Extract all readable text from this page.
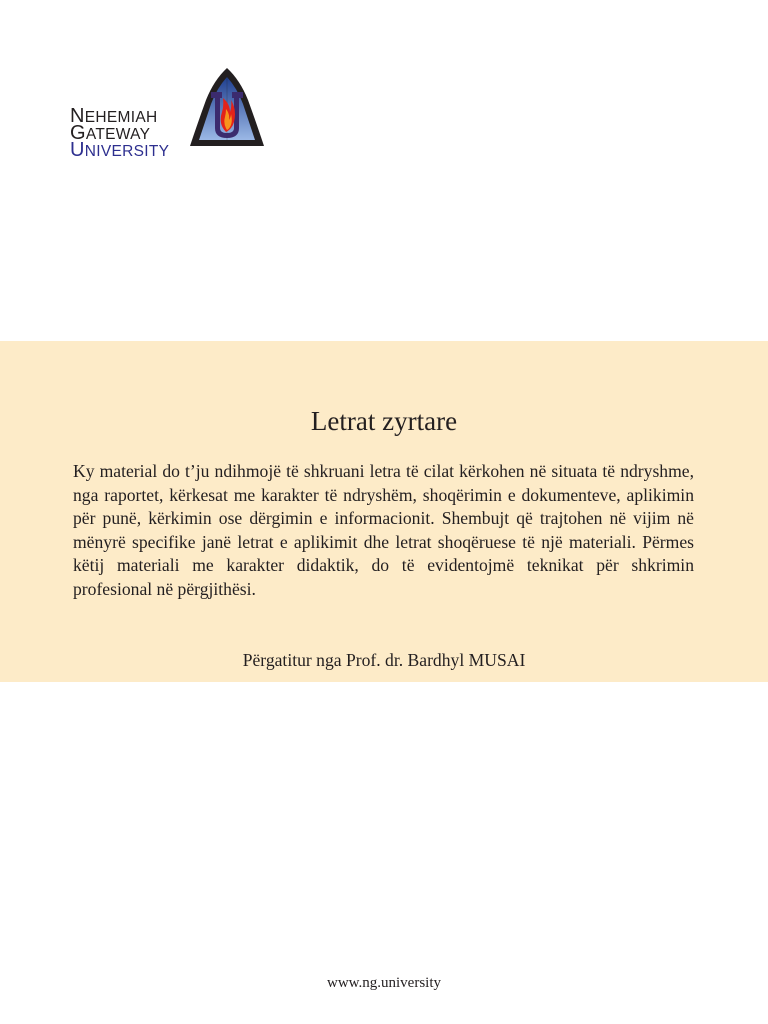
NEHEMIAH
GATEWAY
UNIVERSITY
Letrat zyrtare
Ky material do t’ju ndihmojë të shkruani letra të cilat kërkohen në situata të ndryshme, nga raportet, kërkesat me karakter të ndryshëm, shoqërimin e dokumenteve, aplikimin për punë, kërkimin ose dërgimin e informacionit. Shembujt që trajtohen në vijim në mënyrë specifike janë letrat e aplikimit dhe letrat shoqëruese të një materiali. Përmes këtij materiali me karakter didaktik, do të evidentojmë teknikat për shkrimin profesional në përgjithësi.
Përgatitur nga Prof. dr. Bardhyl MUSAI
www.ng.university
